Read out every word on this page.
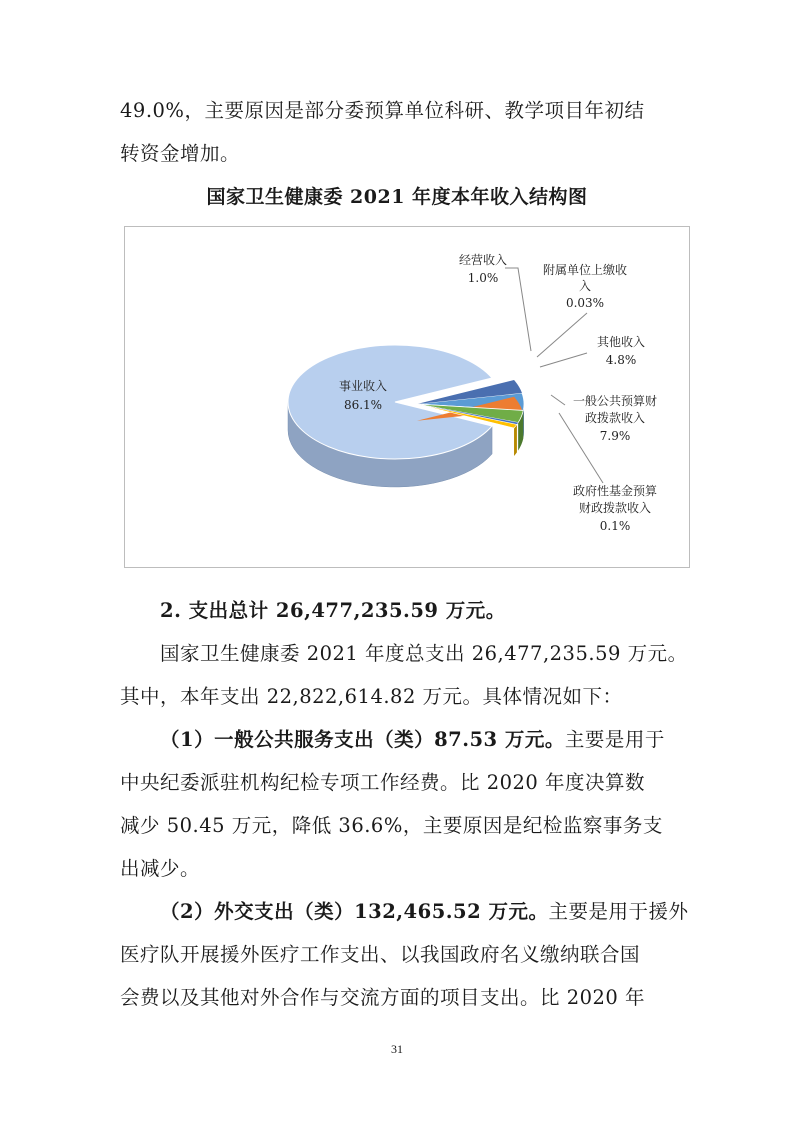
49.0%，主要原因是部分委预算单位科研、教学项目年初结
转资金增加。
国家卫生健康委 2021 年度本年收入结构图
事业收入
86.1%
经营收入
1.0%
附属单位上缴收
入
0.03%
其他收入
4.8%
一般公共预算财
政拨款收入
7.9%
政府性基金预算
财政拨款收入
0.1%
2. 支出总计 26,477,235.59 万元。
国家卫生健康委 2021 年度总支出 26,477,235.59 万元。
其中，本年支出 22,822,614.82 万元。具体情况如下：
（1）一般公共服务支出（类）87.53 万元。主要是用于
中央纪委派驻机构纪检专项工作经费。比 2020 年度决算数
减少 50.45 万元，降低 36.6%，主要原因是纪检监察事务支
出减少。
（2）外交支出（类）132,465.52 万元。主要是用于援外
医疗队开展援外医疗工作支出、以我国政府名义缴纳联合国
会费以及其他对外合作与交流方面的项目支出。比 2020 年
31
